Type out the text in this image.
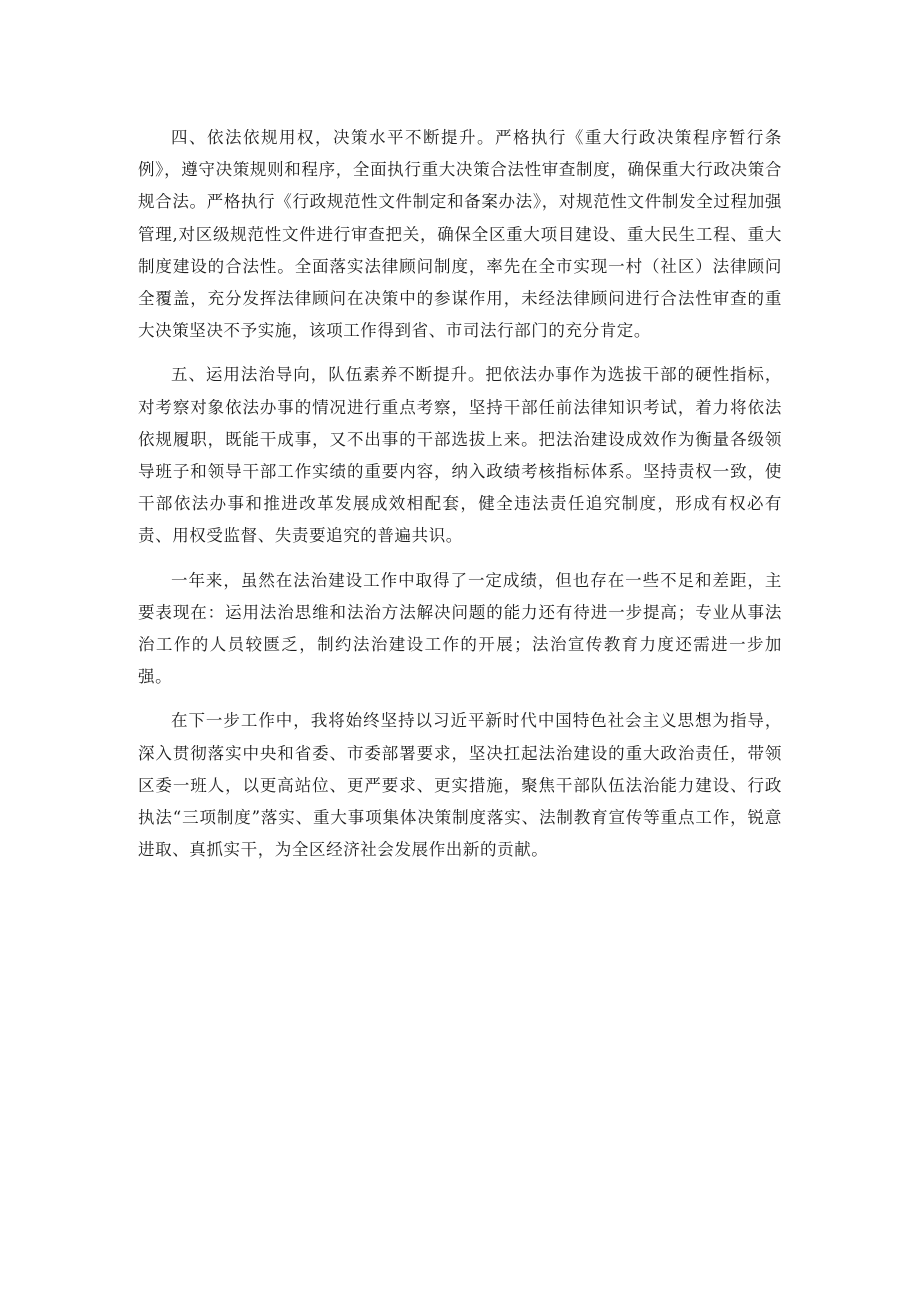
四、依法依规用权，决策水平不断提升。严格执行《重大行政决策程序暂行条例》，遵守决策规则和程序，全面执行重大决策合法性审查制度，确保重大行政决策合规合法。严格执行《行政规范性文件制定和备案办法》，对规范性文件制发全过程加强管理,对区级规范性文件进行审查把关，确保全区重大项目建设、重大民生工程、重大制度建设的合法性。全面落实法律顾问制度，率先在全市实现一村（社区）法律顾问全覆盖，充分发挥法律顾问在决策中的参谋作用，未经法律顾问进行合法性审查的重大决策坚决不予实施，该项工作得到省、市司法行部门的充分肯定。

五、运用法治导向，队伍素养不断提升。把依法办事作为选拔干部的硬性指标，对考察对象依法办事的情况进行重点考察，坚持干部任前法律知识考试，着力将依法依规履职，既能干成事，又不出事的干部选拔上来。把法治建设成效作为衡量各级领导班子和领导干部工作实绩的重要内容，纳入政绩考核指标体系。坚持责权一致，使干部依法办事和推进改革发展成效相配套，健全违法责任追究制度，形成有权必有责、用权受监督、失责要追究的普遍共识。

一年来，虽然在法治建设工作中取得了一定成绩，但也存在一些不足和差距，主要表现在：运用法治思维和法治方法解决问题的能力还有待进一步提高；专业从事法治工作的人员较匮乏，制约法治建设工作的开展；法治宣传教育力度还需进一步加强。

在下一步工作中，我将始终坚持以习近平新时代中国特色社会主义思想为指导，深入贯彻落实中央和省委、市委部署要求，坚决扛起法治建设的重大政治责任，带领区委一班人，以更高站位、更严要求、更实措施，聚焦干部队伍法治能力建设、行政执法“三项制度”落实、重大事项集体决策制度落实、法制教育宣传等重点工作，锐意进取、真抓实干，为全区经济社会发展作出新的贡献。
